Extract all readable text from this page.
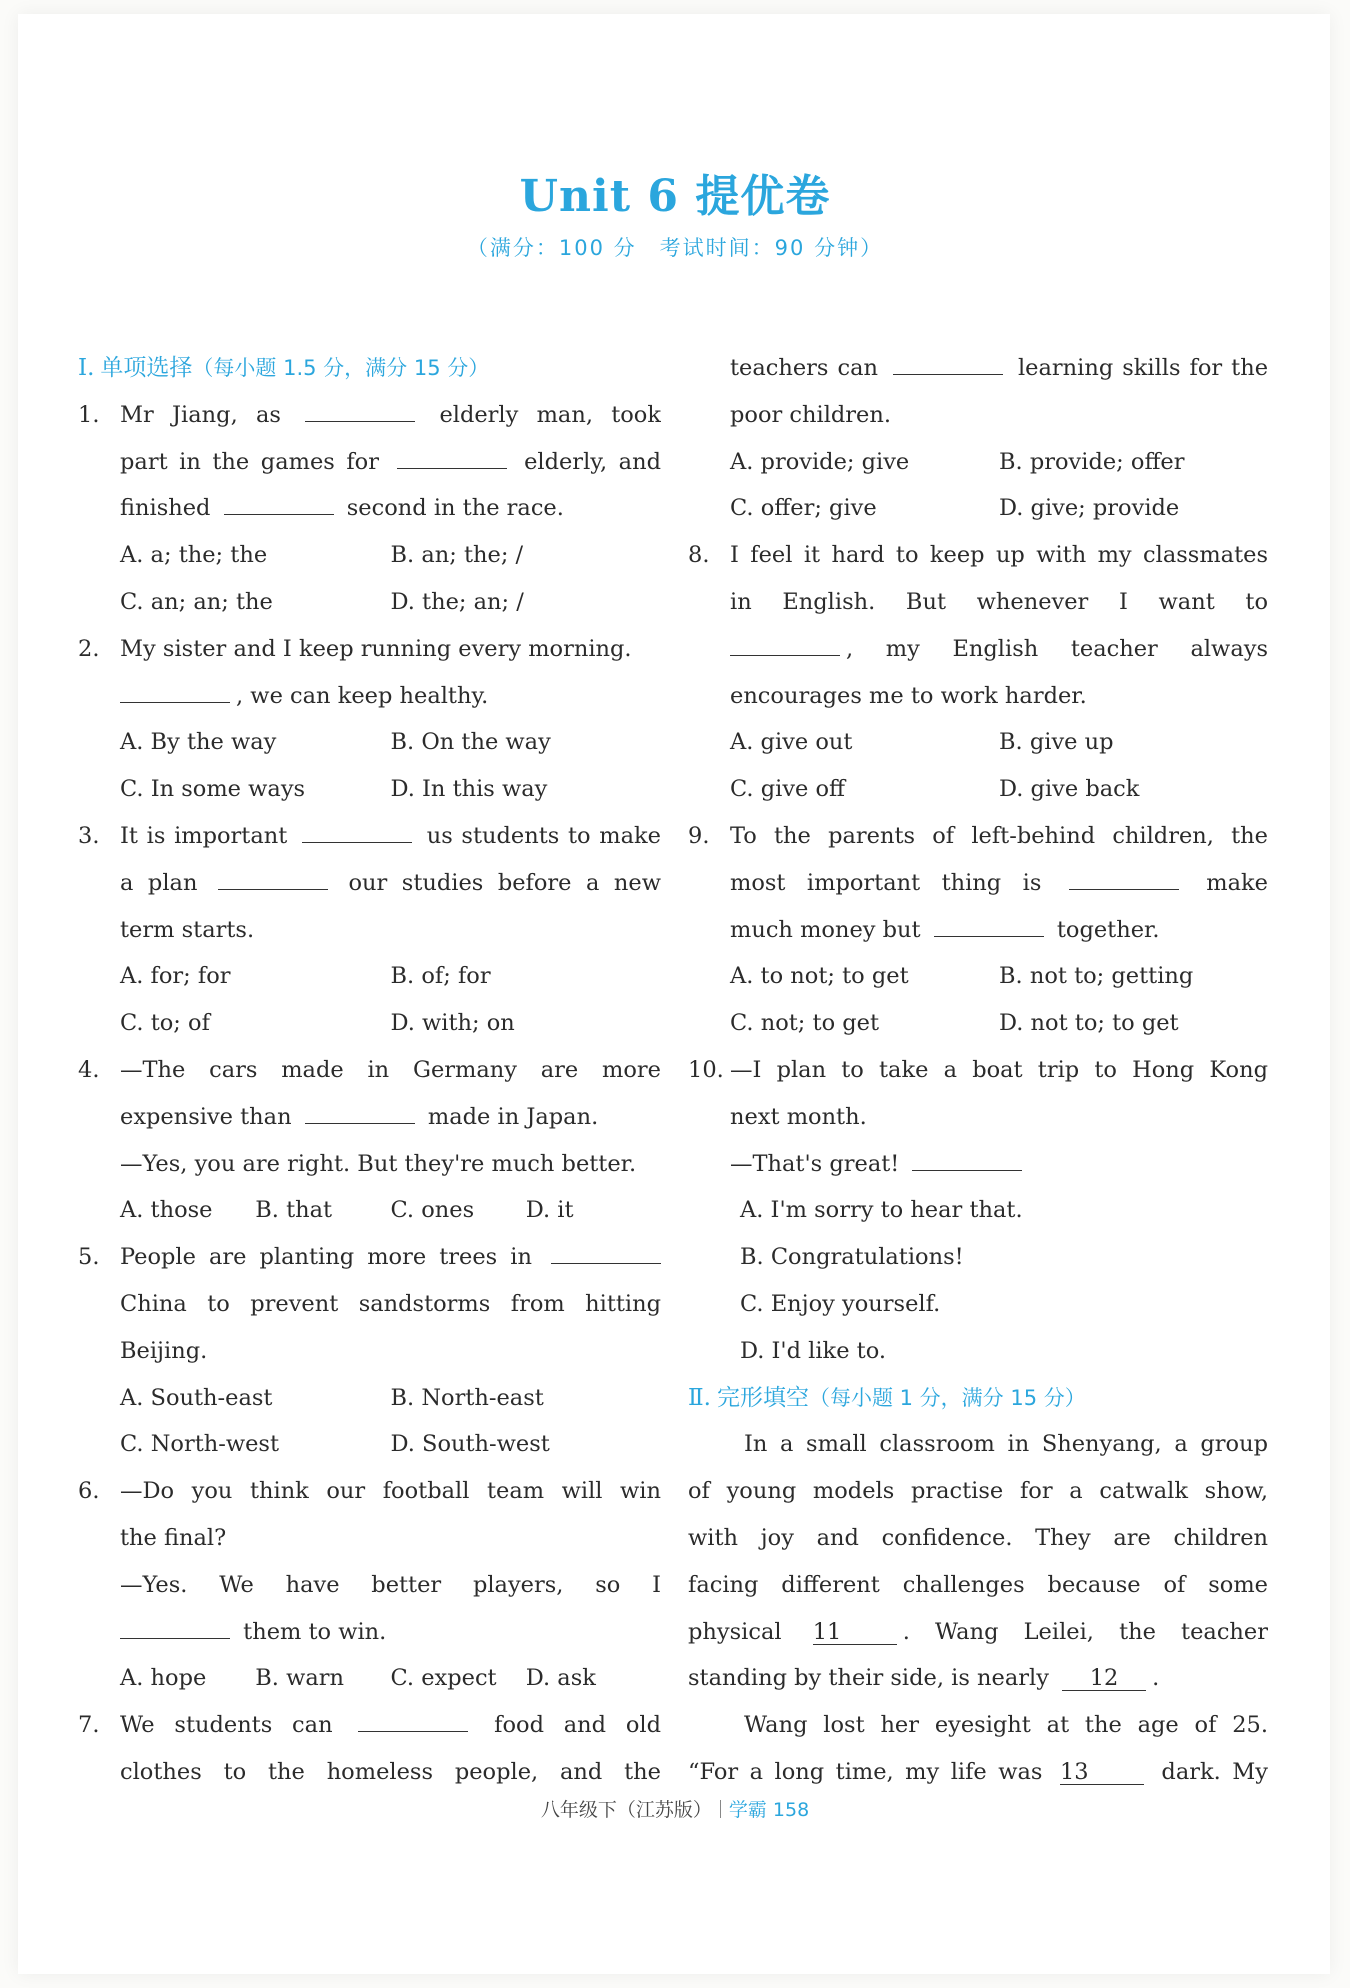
Unit 6 提优卷
（满分：100 分　考试时间：90 分钟）
Ⅰ. 单项选择（每小题 1.5 分，满分 15 分）
1. Mr Jiang, as	elderly man, took
part in the games for	elderly, and
finished	second in the race.
A. a; the; the	B. an; the; /
C. an; an; the	D. the; an; /
2. My sister and I keep running every morning.
, we can keep healthy.
A. By the way	B. On the way
C. In some ways	D. In this way
3. It is important	us students to make
a plan	our studies before a new
term starts.
A. for; for	B. of; for
C. to; of	D. with; on
4. —The cars made in Germany are more
expensive than	made in Japan.
—Yes, you are right. But they're much better.
A. those	B. that	C. ones	D. it
5. People are planting more trees in
China to prevent sandstorms from hitting
Beijing.
A. South-east	B. North-east
C. North-west	D. South-west
6. —Do you think our football team will win
the final?
—Yes. We have better players, so I
them to win.
A. hope	B. warn	C. expect	D. ask
7. We students can	food and old
clothes to the homeless people, and the
teachers can	learning skills for the
poor children.
A. provide; give	B. provide; offer
C. offer; give	D. give; provide
8. I feel it hard to keep up with my classmates
in English. But whenever I want to
, my English teacher always
encourages me to work harder.
A. give out	B. give up
C. give off	D. give back
9. To the parents of left-behind children, the
most important thing is	make
much money but	together.
A. to not; to get	B. not to; getting
C. not; to get	D. not to; to get
10. —I plan to take a boat trip to Hong Kong
next month.
—That's great!
A. I'm sorry to hear that.
B. Congratulations!
C. Enjoy yourself.
D. I'd like to.
Ⅱ. 完形填空（每小题 1 分，满分 15 分）
In a small classroom in Shenyang, a group
of young models practise for a catwalk show,
with joy and confidence. They are children
facing different challenges because of some
physical 11	. Wang Leilei, the teacher
standing by their side, is nearly 12 .
Wang lost her eyesight at the age of 25.
“For a long time, my life was 13	dark. My
八年级下（江苏版） 学霸 158
